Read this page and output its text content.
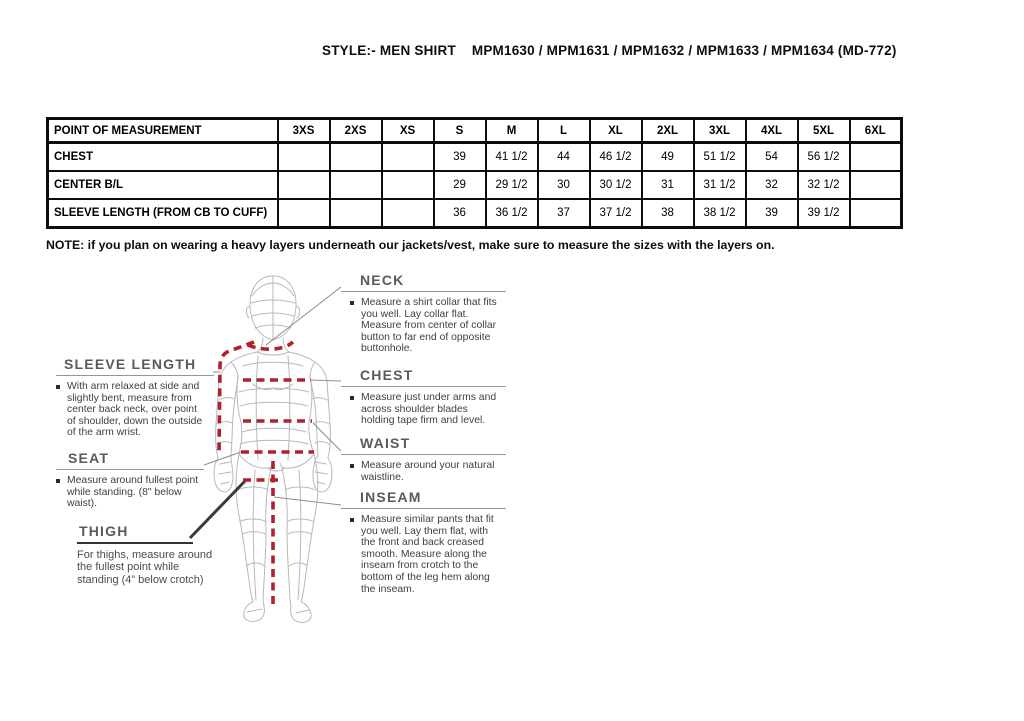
STYLE:- MEN SHIRT MPM1630 / MPM1631 / MPM1632 / MPM1633 / MPM1634 (MD-772)
POINT OF MEASUREMENT	3XS	2XS	XS	S	M	L	XL	2XL	3XL	4XL	5XL	6XL
CHEST				39	41 1/2	44	46 1/2	49	51 1/2	54	56 1/2	
CENTER B/L				29	29 1/2	30	30 1/2	31	31 1/2	32	32 1/2	
SLEEVE LENGTH (FROM CB TO CUFF)				36	36 1/2	37	37 1/2	38	38 1/2	39	39 1/2	
NOTE: if you plan on wearing a heavy layers underneath our jackets/vest, make sure to measure the sizes with the layers on.
NECK

Measure a shirt collar that fits you well. Lay collar flat. Measure from center of collar button to far end of opposite buttonhole.

CHEST

Measure just under arms and across shoulder blades holding tape firm and level.

WAIST

Measure around your natural waistline.

INSEAM

Measure similar pants that fit you well. Lay them flat, with the front and back creased smooth. Measure along the inseam from crotch to the bottom of the leg hem along the inseam.

SLEEVE LENGTH

With arm relaxed at side and slightly bent, measure from center back neck, over point of shoulder, down the outside of the arm wrist.

SEAT

Measure around fullest point while standing. (8" below waist).

THIGH

For thighs, measure around the fullest point while standing (4” below crotch)
